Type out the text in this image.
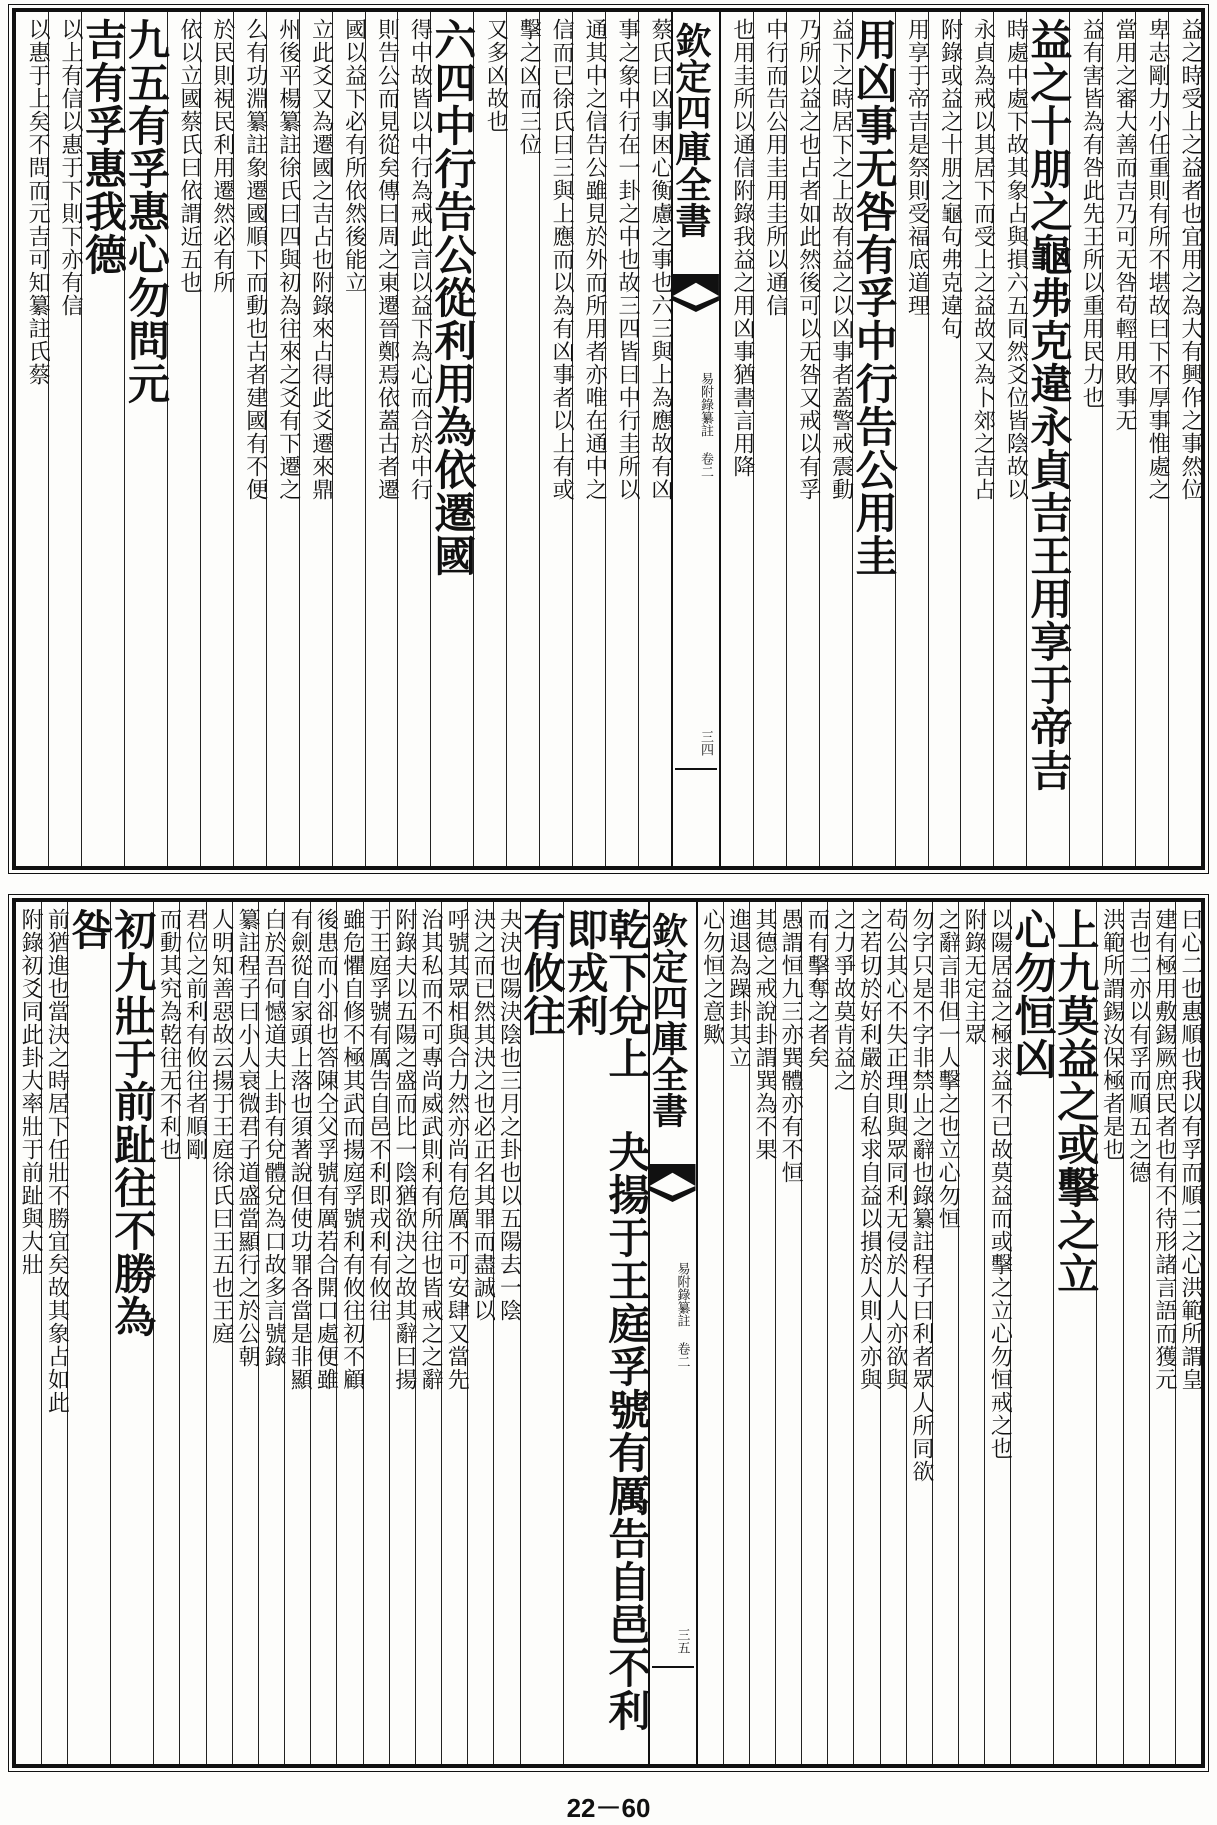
益之時受上之益者也宜用之為大有興作之事然位
卑志剛力小任重則有所不堪故曰下不厚事惟處之
當用之審大善而吉乃可无咎苟輕用敗事无
益有害皆為有咎此先王所以重用民力也
益之十朋之龜弗克違永貞吉王用享于帝吉
時處中處下故其象占與損六五同然爻位皆陰故以
永貞為戒以其居下而受上之益故又為卜郊之吉占
附錄或益之十朋之龜句弗克違句
用享于帝吉是祭則受福底道理
用凶事无咎有孚中行告公用圭
益下之時居下之上故有益之以凶事者蓋警戒震動
乃所以益之也占者如此然後可以无咎又戒以有孚
中行而告公用圭用圭所以通信
也用圭所以通信附錄我益之用凶事猶書言用降
欽定四庫全書
易附錄纂註 卷二
三四
蔡氏曰凶事困心衡慮之事也六三與上為應故有凶
事之象中行在一卦之中也故三四皆曰中行圭所以
通其中之信告公雖見於外而所用者亦唯在通中之
信而已徐氏曰三與上應而以為有凶事者以上有或
擊之凶而三位
又多凶故也
六四中行告公從利用為依遷國
得中故皆以中行為戒此言以益下為心而合於中行
則告公而見從矣傳曰周之東遷晉鄭焉依蓋古者遷
國以益下必有所依然後能立
立此爻又為遷國之吉占也附錄來占得此爻遷來鼎
州後平楊纂註徐氏曰四與初為往來之爻有下遷之
么有功淵纂註象遷國順下而動也古者建國有不便
於民則視民利用遷然必有所
依以立國蔡氏曰依謂近五也
九五有孚惠心勿問元
吉有孚惠我德
以上有信以惠于下則下亦有信
以惠于上矣不問而元吉可知纂註氏蔡
曰心二也惠順也我以有孚而順二之心洪範所謂皇
建有極用敷錫厥庶民者也有不待形諸言語而獲元
吉也二亦以有孚而順五之德
洪範所謂錫汝保極者是也
上九莫益之或擊之立
心勿恒凶
以陽居益之極求益不已故莫益而或擊之立心勿恒戒之也
附錄无定主眾
之辭言非但一人擊之也立心勿恒
勿字只是不字非禁止之辭也錄纂註程子曰利者眾人所同欲
苟公其心不失正理則與眾同利无侵於人人亦欲與
之若切於好利嚴於自私求自益以損於人則人亦與
之力爭故莫肯益之
而有擊奪之者矣
愚謂恒九三亦巽體亦有不恒
其德之戒說卦謂巽為不果
進退為躁卦其立
心勿恒之意歟
欽定四庫全書
易附錄纂註 卷二
三五
乾下兌上 夬揚于王庭孚號有厲告自邑不利即戎利
有攸往
夬決也陽決陰也三月之卦也以五陽去一陰
決之而已然其決之也必正名其罪而盡誠以
呼號其眾相與合力然亦尚有危厲不可安肆又當先
治其私而不可專尚威武則利有所往也皆戒之之辭
附錄夫以五陽之盛而比一陰猶欲決之故其辭曰揚
于王庭孚號有厲告自邑不利即戎利有攸往
雖危懼自修不極其武而揚庭孚號利有攸往初不顧
後患而小卻也答陳仝父孚號有厲若合開口處便雖
有劍從自家頭上落也須著說但使功罪各當是非顯
白於吾何憾道夫上卦有兌體兌為口故多言號錄
纂註程子曰小人衰微君子道盛當顯行之於公朝
人明知善惡故云揚于王庭徐氏曰王五也王庭
君位之前利有攸往者順剛
而動其究為乾往无不利也
初九壯于前趾往不勝為
咎
前猶進也當決之時居下任壯不勝宜矣故其象占如此
附錄初爻同此卦大率壯于前趾與大壯
22－60
